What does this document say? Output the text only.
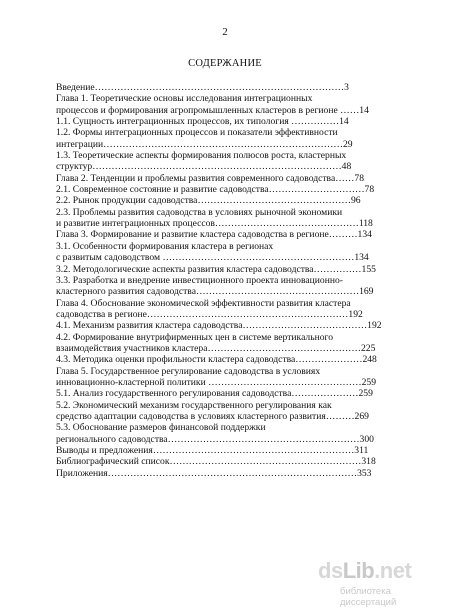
2
СОДЕРЖАНИЕ
Введение……………………………………………………………………3
Глава 1. Теоретические основы исследования интеграционных
процессов и формирования агропромышленных кластеров в регионе ……14
1.1. Сущность интеграционных процессов, их типология ……………14
1.2. Формы интеграционных процессов и показатели эффективности
интеграции…………………………………………………………………29
1.3. Теоретические аспекты формирования полюсов роста, кластерных
структур……………………………………………………………………48
Глава 2. Тенденции и проблемы развития современного садоводства……78
2.1. Современное состояние и развитие садоводства…………………………78
2.2. Рынок продукции садоводства…………………………………………96
2.3. Проблемы развития садоводства в условиях рыночной экономики
и развитие интеграционных процессов………………………………………118
Глава 3. Формирование и развитие кластера садоводства в регионе………134
3.1. Особенности формирования кластера в регионах
с развитым садоводством ……………………………………………………134
3.2. Методологические аспекты развития кластера садоводства……………155
3.3. Разработка и внедрение инвестиционного проекта инновационно-
кластерного развития садоводства……………………………………………169
Глава 4. Обоснование экономической эффективности развития кластера
садоводства в регионе………………………………………………………192
4.1. Механизм развития кластера садоводства…………………………………192
4.2. Формирование внутрифирменных цен в системе вертикального
взаимодействия участников кластера…………………………………………225
4.3. Методика оценки профильности кластера садоводства…………………248
Глава 5. Государственное регулирование садоводства в условиях
инновационно-кластерной политики …………………………………………259
5.1. Анализ государственного регулирования садоводства…………………259
5.2. Экономический механизм государственного регулирования как
средство адаптации садоводства в условиях кластерного развития………269
5.3. Обоснование размеров финансовой поддержки
регионального садоводства……………………………………………………300
Выводы и предложения………………………………………………………311
Библиографический список……………………………………………………318
Приложения……………………………………………………………………353
dsLib.net
библиотека диссертаций
